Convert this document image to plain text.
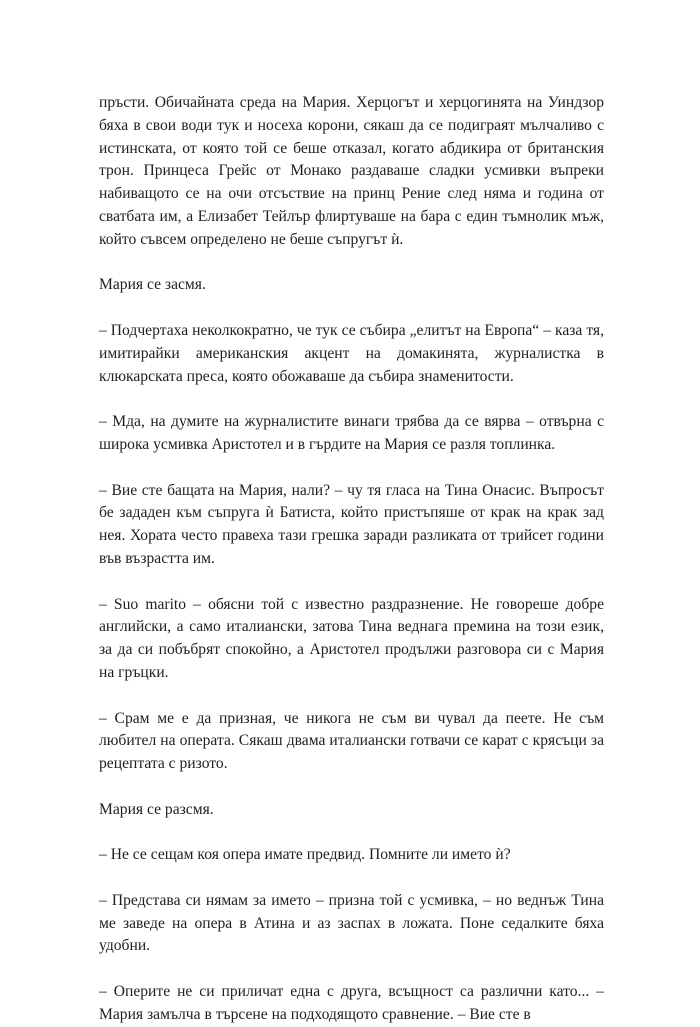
пръсти. Обичайната среда на Мария. Херцогът и херцогинята на Уиндзор бяха в свои води тук и носеха корони, сякаш да се подиграят мълчаливо с истинската, от която той се беше отказал, когато абдикира от британския трон. Принцеса Грейс от Монако раздаваше сладки усмивки въпреки набиващото се на очи отсъствие на принц Рение след няма и година от сватбата им, а Елизабет Тейлър флиртуваше на бара с един тъмнолик мъж, който съвсем определено не беше съпругът ѝ.

Мария се засмя.

– Подчертаха неколкократно, че тук се събира „елитът на Европа“ – каза тя, имитирайки американския акцент на домакинята, журналистка в клюкарската преса, която обожаваше да събира знаменитости.

– Мда, на думите на журналистите винаги трябва да се вярва – отвърна с широка усмивка Аристотел и в гърдите на Мария се разля топлинка.

– Вие сте бащата на Мария, нали? – чу тя гласа на Тина Онасис. Въпросът бе зададен към съпруга ѝ Батиста, който пристъпяше от крак на крак зад нея. Хората често правеха тази грешка заради разликата от трийсет години във възрастта им.

– Suo marito – обясни той с известно раздразнение. Не говореше добре английски, а само италиански, затова Тина веднага премина на този език, за да си побъбрят спокойно, а Аристотел продължи разговора си с Мария на гръцки.

– Срам ме е да призная, че никога не съм ви чувал да пеете. Не съм любител на операта. Сякаш двама италиански готвачи се карат с крясъци за рецептата с ризото.

Мария се разсмя.

– Не се сещам коя опера имате предвид. Помните ли името ѝ?

– Представа си нямам за името – призна той с усмивка, – но веднъж Тина ме заведе на опера в Атина и аз заспах в ложата. Поне седалките бяха удобни.

– Оперите не си приличат една с друга, всъщност са различни като... – Мария замълча в търсене на подходящото сравнение. – Вие сте в
